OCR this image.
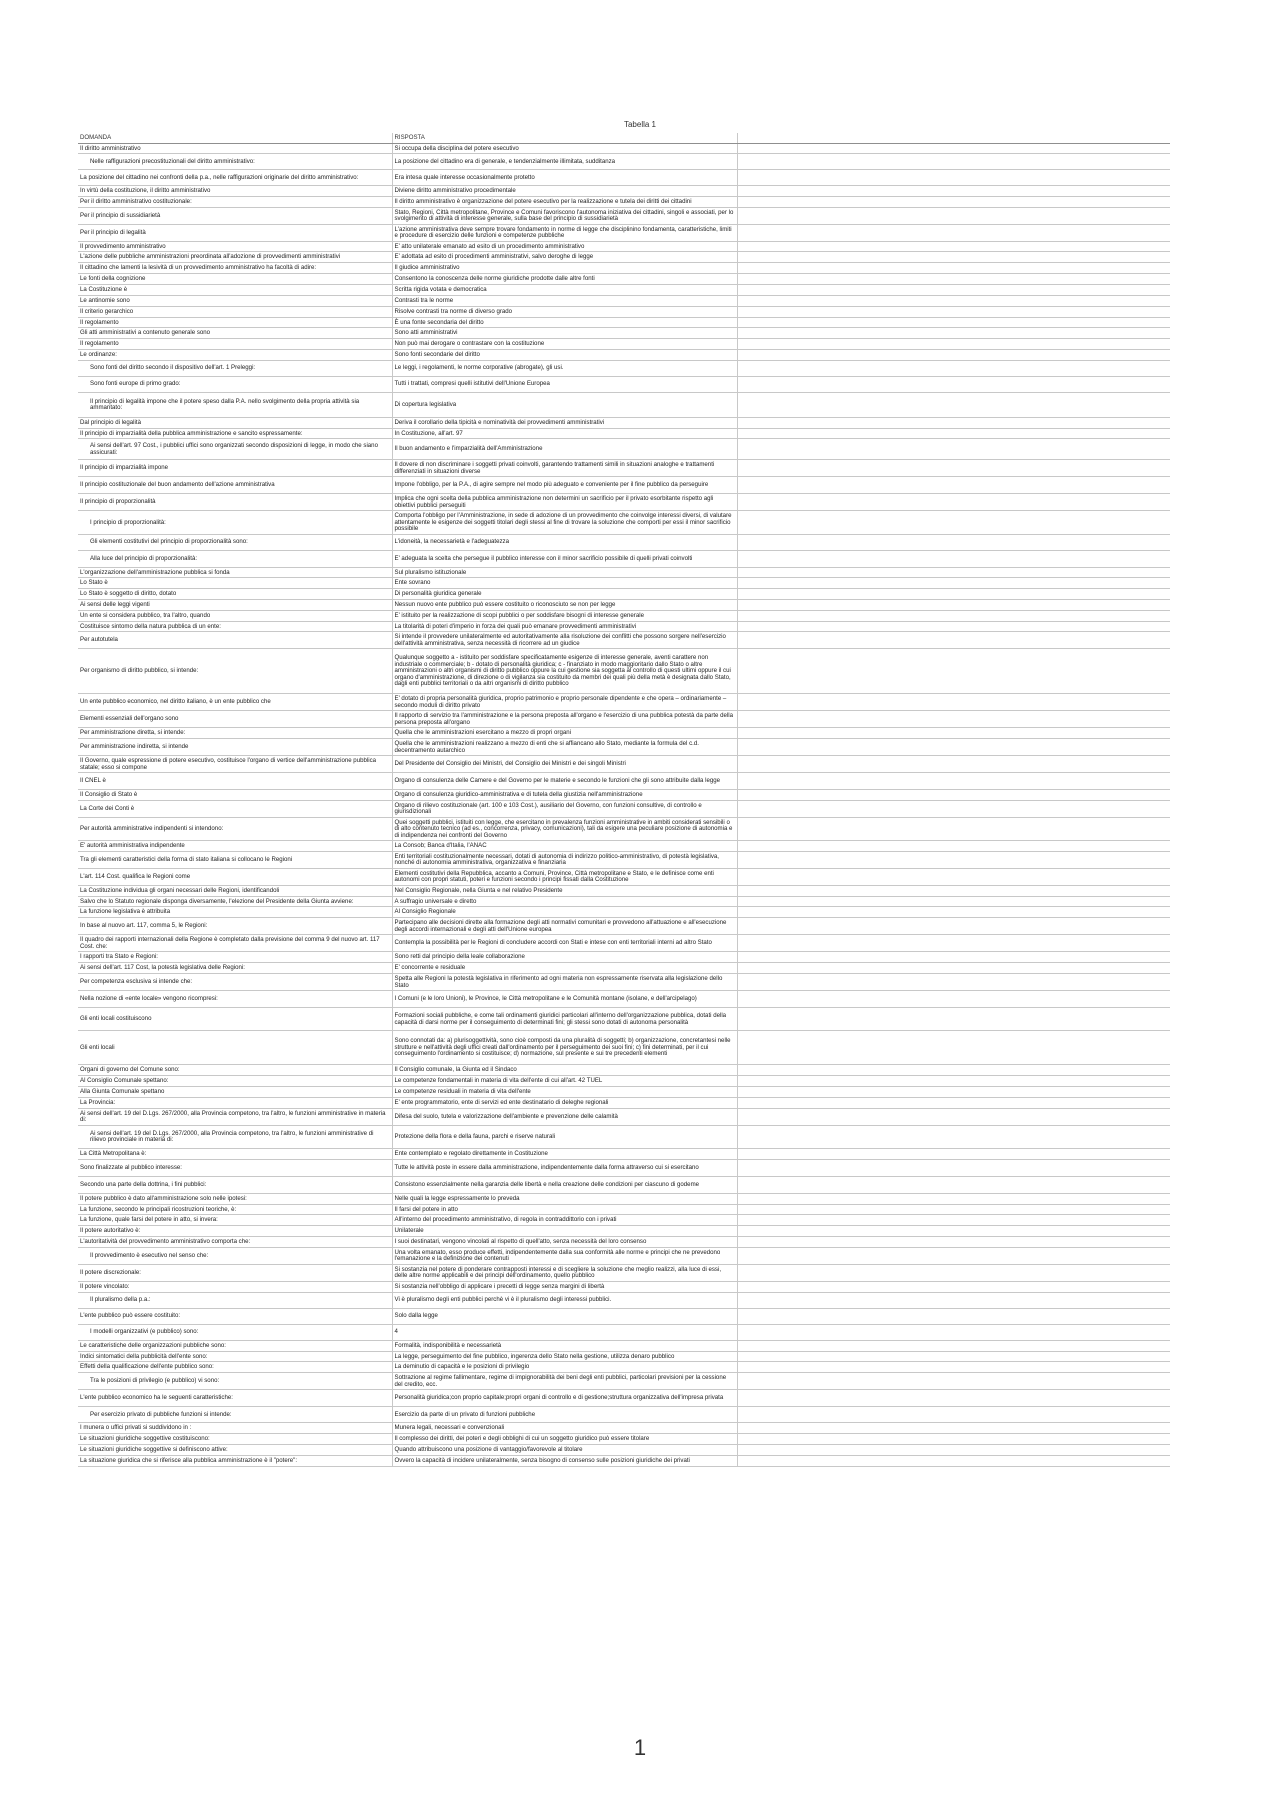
Tabella 1
DOMANDA	RISPOSTA	
Il diritto amministrativo	Si occupa della disciplina del potere esecutivo	
Nelle raffigurazioni precostituzionali del diritto amministrativo:	La posizione del cittadino era di generale, e tendenzialmente illimitata, sudditanza	
La posizione del cittadino nei confronti della p.a., nelle raffigurazioni originarie del diritto amministrativo:	Era intesa quale interesse occasionalmente protetto	
In virtù della costituzione, il diritto amministrativo	Diviene diritto amministrativo procedimentale	
Per il diritto amministrativo costituzionale:	Il diritto amministrativo è organizzazione del potere esecutivo per la realizzazione e tutela dei diritti dei cittadini	
Per il principio di sussidiarietà	Stato, Regioni, Città metropolitane, Province e Comuni favoriscono l'autonoma iniziativa dei cittadini, singoli e associati, per lo svolgimento di attività di interesse generale, sulla base del principio di sussidiarietà	
Per il principio di legalità	L'azione amministrativa deve sempre trovare fondamento in norme di legge che disciplinino fondamenta, caratteristiche, limiti e procedure di esercizio delle funzioni e competenze pubbliche	
Il provvedimento amministrativo	E' atto unilaterale emanato ad esito di un procedimento amministrativo	
L'azione delle pubbliche amministrazioni preordinata all'adozione di provvedimenti amministrativi	E' adottata ad esito di procedimenti amministrativi, salvo deroghe di legge	
Il cittadino che lamenti la lesività di un provvedimento amministrativo ha facoltà di adire:	Il giudice amministrativo	
Le fonti della cognizione	Consentono la conoscenza delle norme giuridiche prodotte dalle altre fonti	
La Costituzione è	Scritta rigida votata e democratica	
Le antinomie sono	Contrasti tra le norme	
Il criterio gerarchico	Risolve contrasti tra norme di diverso grado	
Il regolamento	È una fonte secondaria del diritto	
Gli atti amministrativi a contenuto generale sono	Sono atti amministrativi	
Il regolamento	Non può mai derogare o contrastare con la costituzione	
Le ordinanze:	Sono fonti secondarie del diritto	
Sono fonti del diritto secondo il dispositivo dell'art. 1 Preleggi:	Le leggi, i regolamenti, le norme corporative (abrogate), gli usi.	
Sono fonti europe di primo grado:	Tutti i trattati, compresi quelli istitutivi dell'Unione Europea	
Il principio di legalità impone che il potere speso dalla P.A. nello svolgimento della propria attività sia ammantato:	Di copertura legislativa	
Dal principio di legalità	Deriva il corollario della tipicità e nominatività dei provvedimenti amministrativi	
Il principio di imparzialità della pubblica amministrazione e sancito espressamente:	In Costituzione, all'art. 97	
Ai sensi dell'art. 97 Cost., i pubblici uffici sono organizzati secondo disposizioni di legge, in modo che siano assicurati:	Il buon andamento e l'imparzialità dell'Amministrazione	
Il principio di imparzialità impone	Il dovere di non discriminare i soggetti privati coinvolti, garantendo trattamenti simili in situazioni analoghe e trattamenti differenziati in situazioni diverse	
Il principio costituzionale del buon andamento dell'azione amministrativa	Impone l'obbligo, per la P.A., di agire sempre nel modo più adeguato e conveniente per il fine pubblico da perseguire	
Il principio di proporzionalità	Implica che ogni scelta della pubblica amministrazione non determini un sacrificio per il privato esorbitante rispetto agli obiettivi pubblici perseguiti	
I principio di proporzionalità:	Comporta l'obbligo per l'Amministrazione, in sede di adozione di un provvedimento che coinvolge interessi diversi, di valutare attentamente le esigenze dei soggetti titolari degli stessi al fine di trovare la soluzione che comporti per essi il minor sacrificio possibile	
Gli elementi costitutivi del principio di proporzionalità sono:	L'idoneità, la necessarietà e l'adeguatezza	
Alla luce del principio di proporzionalità:	E' adeguata la scelta che persegue il pubblico interesse con il minor sacrificio possibile di quelli privati coinvolti	
L'organizzazione dell'amministrazione pubblica si fonda	Sul pluralismo istituzionale	
Lo Stato è	Ente sovrano	
Lo Stato è soggetto di diritto, dotato	Di personalità giuridica generale	
Ai sensi delle leggi vigenti	Nessun nuovo ente pubblico può essere costituito o riconosciuto se non per legge	
Un ente si considera pubblico, tra l'altro, quando	E' istituito per la realizzazione di scopi pubblici o per soddisfare bisogni di interesse generale	
Costituisce sintomo della natura pubblica di un ente:	La titolarità di poteri d'imperio in forza dei quali può emanare provvedimenti amministrativi	
Per autotutela	Si intende il provvedere unilateralmente ed autoritativamente alla risoluzione dei conflitti che possono sorgere nell'esercizio dell'attività amministrativa, senza necessità di ricorrere ad un giudice	
Per organismo di diritto pubblico, si intende:	Qualunque soggetto a - istituito per soddisfare specificatamente esigenze di interesse generale, aventi carattere non industriale o commerciale; b - dotato di personalità giuridica; c - finanziato in modo maggioritario dallo Stato o altre amministrazioni o altri organismi di diritto pubblico oppure la cui gestione sia soggetta al controllo di questi ultimi oppure il cui organo d'amministrazione, di direzione o di vigilanza sia costituito da membri dei quali più della metà è designata dallo Stato, dagli enti pubblici territoriali o da altri organismi di diritto pubblico	
Un ente pubblico economico, nel diritto italiano, è un ente pubblico che	E' dotato di propria personalità giuridica, proprio patrimonio e proprio personale dipendente e che opera – ordinariamente – secondo moduli di diritto privato	
Elementi essenziali dell'organo sono	Il rapporto di servizio tra l'amministrazione e la persona preposta all'organo e l'esercizio di una pubblica potestà da parte della persona preposta all'organo	
Per amministrazione diretta, si intende:	Quella che le amministrazioni esercitano a mezzo di propri organi	
Per amministrazione indiretta, si intende	Quella che le amministrazioni realizzano a mezzo di enti che si affiancano allo Stato, mediante la formula del c.d. decentramento autarchico	
Il Governo, quale espressione di potere esecutivo, costituisce l'organo di vertice dell'amministrazione pubblica statale; esso si compone	Del Presidente del Consiglio dei Ministri, del Consiglio dei Ministri e dei singoli Ministri	
Il CNEL è	Organo di consulenza delle Camere e del Governo per le materie e secondo le funzioni che gli sono attribuite dalla legge	
Il Consiglio di Stato è	Organo di consulenza giuridico-amministrativa e di tutela della giustizia nell'amministrazione	
La Corte dei Conti è	Organo di rilievo costituzionale (art. 100 e 103 Cost.), ausiliario del Governo, con funzioni consultive, di controllo e giurisdizionali	
Per autorità amministrative indipendenti si intendono:	Quei soggetti pubblici, istituiti con legge, che esercitano in prevalenza funzioni amministrative in ambiti considerati sensibili o di alto contenuto tecnico (ad es., concorrenza, privacy, comunicazioni), tali da esigere una peculiare posizione di autonomia e di indipendenza nei confronti del Governo	
E' autorità amministrativa indipendente	La Consob; Banca d'Italia, l'ANAC	
Tra gli elementi caratteristici della forma di stato italiana si collocano le Regioni	Enti territoriali costituzionalmente necessari, dotati di autonomia di indirizzo politico-amministrativo, di potestà legislativa, nonché di autonomia amministrativa, organizzativa e finanziaria	
L'art. 114 Cost. qualifica le Regioni come	Elementi costitutivi della Repubblica, accanto a Comuni, Province, Città metropolitane e Stato, e le definisce come enti autonomi con propri statuti, poteri e funzioni secondo i principi fissati dalla Costituzione	
La Costituzione individua gli organi necessari delle Regioni, identificandoli	Nel Consiglio Regionale, nella Giunta e nel relativo Presidente	
Salvo che lo Statuto regionale disponga diversamente, l'elezione del Presidente della Giunta avviene:	A suffragio universale e diretto	
La funzione legislativa è attribuita	Al Consiglio Regionale	
In base al nuovo art. 117, comma 5, le Regioni:	Partecipano alle decisioni dirette alla formazione degli atti normativi comunitari e provvedono all'attuazione e all'esecuzione degli accordi internazionali e degli atti dell'Unione europea	
Il quadro dei rapporti internazionali della Regione è completato dalla previsione del comma 9 del nuovo art. 117 Cost. che:	Contempla la possibilità per le Regioni di concludere accordi con Stati e intese con enti territoriali interni ad altro Stato	
I rapporti tra Stato e Regioni:	Sono retti dal principio della leale collaborazione	
Ai sensi dell'art. 117 Cost, la potestà legislativa delle Regioni:	E' concorrente e residuale	
Per competenza esclusiva si intende che:	Spetta alle Regioni la potestà legislativa in riferimento ad ogni materia non espressamente riservata alla legislazione dello Stato	
Nella nozione di «ente locale» vengono ricompresi:	I Comuni (e le loro Unioni), le Province, le Città metropolitane e le Comunità montane (isolane, e dell'arcipelago)	
Gli enti locali costituiscono	Formazioni sociali pubbliche, e come tali ordinamenti giuridici particolari all'interno dell'organizzazione pubblica, dotati della capacità di darsi norme per il conseguimento di determinati fini; gli stessi sono dotati di autonoma personalità	
Gli enti locali	Sono connotati da: a) plurisoggettività, sono cioè composti da una pluralità di soggetti; b) organizzazione, concretantesi nelle strutture e nell'attività degli uffici creati dall'ordinamento per il perseguimento dei suoi fini; c) fini determinati, per il cui conseguimento l'ordinamento si costituisce; d) normazione, sul presente e sui tre precedenti elementi	
Organi di governo del Comune sono:	Il Consiglio comunale, la Giunta ed il Sindaco	
Al Consiglio Comunale spettano:	Le competenze fondamentali in materia di vita dell'ente di cui all'art. 42 TUEL	
Alla Giunta Comunale spettano	Le competenze residuali in materia di vita dell'ente	
La Provincia:	E' ente programmatorio, ente di servizi ed ente destinatario di deleghe regionali	
Ai sensi dell'art. 19 del D.Lgs. 267/2000, alla Provincia competono, tra l'altro, le funzioni amministrative in materia di:	Difesa del suolo, tutela e valorizzazione dell'ambiente e prevenzione delle calamità	
Ai sensi dell'art. 19 del D.Lgs. 267/2000, alla Provincia competono, tra l'altro, le funzioni amministrative di rilievo provinciale in materia di:	Protezione della flora e della fauna, parchi e riserve naturali	
La Città Metropolitana è:	Ente contemplato e regolato direttamente in Costituzione	
Sono finalizzate al pubblico interesse:	Tutte le attività poste in essere dalla amministrazione, indipendentemente dalla forma attraverso cui si esercitano	
Secondo una parte della dottrina, i fini pubblici:	Consistono essenzialmente nella garanzia delle libertà e nella creazione delle condizioni per ciascuno di godeme	
Il potere pubblico è dato all'amministrazione solo nelle ipotesi:	Nelle quali la legge espressamente lo preveda	
La funzione, secondo le principali ricostruzioni teoriche, è:	Il farsi del potere in atto	
La funzione, quale farsi del potere in atto, si invera:	All'interno del procedimento amministrativo, di regola in contraddittorio con i privati	
Il potere autoritativo è:	Unilaterale	
L'autoritatività del provvedimento amministrativo comporta che:	I suoi destinatari, vengono vincolati al rispetto di quell'atto, senza necessità del loro consenso	
Il provvedimento è esecutivo nel senso che:	Una volta emanato, esso produce effetti, indipendentemente dalla sua conformità alle norme e principi che ne prevedono l'emanazione e la definizione dei contenuti	
Il potere discrezionale:	Si sostanzia nel potere di ponderare contrapposti interessi e di scegliere la soluzione che meglio realizzi, alla luce di essi, delle altre norme applicabili e dei principi dell'ordinamento, quello pubblico	
Il potere vincolato:	Si sostanzia nell'obbligo di applicare i precetti di legge senza margini di libertà	
Il pluralismo della p.a.:	Vi è pluralismo degli enti pubblici perchè vi è il pluralismo degli interessi pubblici.	
L'ente pubblico può essere costituito:	Solo dalla legge	
I modelli organizzativi (e pubblico) sono:	4	
Le caratteristiche delle organizzazioni pubbliche sono:	Formalità, indisponibilità e necessarietà	
Indici sintomatici della pubblicità dell'ente sono:	La legge, perseguimento del fine pubblico, ingerenza dello Stato nella gestione, utilizza denaro pubblico	
Effetti della qualificazione dell'ente pubblico sono:	La deminutio di capacità e le posizioni di privilegio	
Tra le posizioni di privilegio (e pubblico) vi sono:	Sottrazione al regime fallimentare, regime di impignorabilità dei beni degli enti pubblici, particolari previsioni per la cessione del credito, ecc.	
L'ente pubblico economico ha le seguenti caratteristiche:	Personalità giuridica;con proprio capitale;propri organi di controllo e di gestione;struttura organizzativa dell'impresa privata	
Per esercizio privato di pubbliche funzioni si intende:	Esercizio da parte di un privato di funzioni pubbliche	
I munera o uffici privati si suddividono in :	Munera legali, necessari e convenzionali	
Le situazioni giuridiche soggettive costituiscono:	Il complesso dei diritti, dei poteri e degli obblighi di cui un soggetto giuridico può essere titolare	
Le situazioni giuridiche soggettive si definiscono attive:	Quando attribuiscono una posizione di vantaggio/favorevole al titolare	
La situazione giuridica che si riferisce alla pubblica amministrazione è il "potere":	Ovvero la capacità di incidere unilateralmente, senza bisogno di consenso sulle posizioni giuridiche dei privati	
1
